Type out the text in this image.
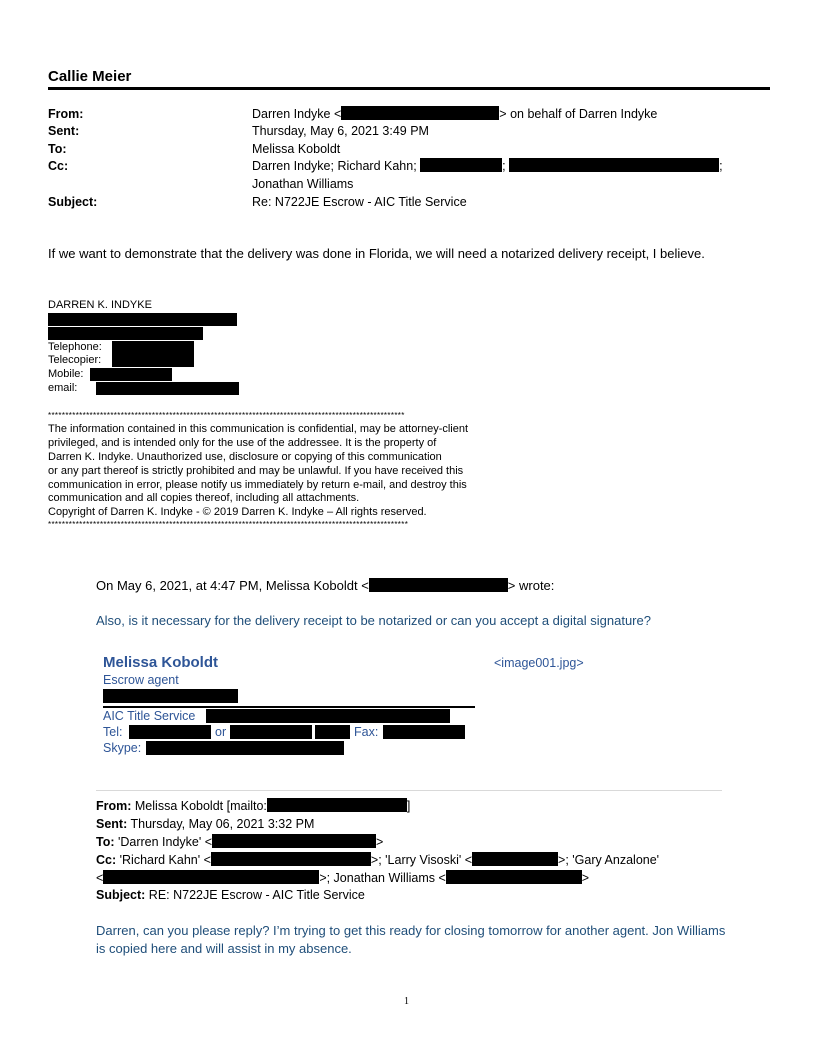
Callie Meier
From:	Darren Indyke <	> on behalf of Darren Indyke
Sent:	Thursday, May 6, 2021 3:49 PM
To:	Melissa Koboldt
Cc:	Darren Indyke; Richard Kahn;	;	;
Jonathan Williams
Subject:	Re: N722JE Escrow - AIC Title Service
If we want to demonstrate that the delivery was done in Florida, we will need a notarized delivery receipt, I believe.
DARREN K. INDYKE
Telephone:
Telecopier:
Mobile:
email:
*******************************************************************************************************
The information contained in this communication is confidential, may be attorney-client
privileged, and is intended only for the use of the addressee. It is the property of
Darren K. Indyke. Unauthorized use, disclosure or copying of this communication
or any part thereof is strictly prohibited and may be unlawful. If you have received this
communication in error, please notify us immediately by return e-mail, and destroy this
communication and all copies thereof, including all attachments.
Copyright of Darren K. Indyke - © 2019 Darren K. Indyke – All rights reserved.
********************************************************************************************************
On May 6, 2021, at 4:47 PM, Melissa Koboldt <	> wrote:
Also, is it necessary for the delivery receipt to be notarized or can you accept a digital signature?
Melissa Koboldt
Escrow agent
<image001.jpg>
AIC Title Service
Tel:	or	Fax:
Skype:
From: Melissa Koboldt [mailto:	]
Sent: Thursday, May 06, 2021 3:32 PM
To: 'Darren Indyke' <	>
Cc: 'Richard Kahn' <	>; 'Larry Visoski' <	>; 'Gary Anzalone'
<	>; Jonathan Williams <	>
Subject: RE: N722JE Escrow - AIC Title Service
Darren, can you please reply? I’m trying to get this ready for closing tomorrow for another agent. Jon Williams is copied here and will assist in my absence.
1
